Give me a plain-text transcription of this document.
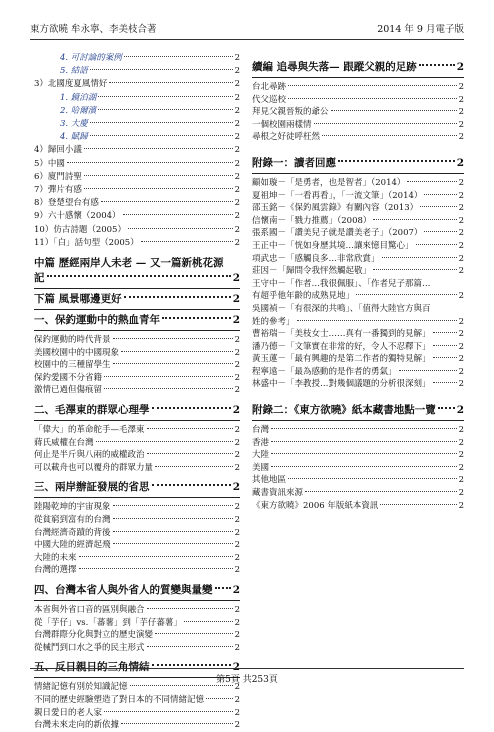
東方欲曉 牟永寧、李美枝合著	2014 年 9 月電子版
4. 可討論的案例	2
5. 結語	2
3）北國度夏風情好	2
1. 鏡泊湖	2
2. 哈爾濱	2
3. 大慶	2
4. 賦歸	2
4）歸回小議	2
5）中國	2
6）廈門詩聖	2
7）彈片有感	2
8）登楚望台有感	2
9）六十感懷（2004）	2
10）仿古詩題（2005）	2
11）「白」話句型（2005）	2
中篇 歷經兩岸人未老 — 又一篇新桃花源
記	2
下篇 風景哪邊更好	2
一、保釣運動中的熱血青年	2
保釣運動的時代背景	2
美國校園中的中國現象	2
校園中的三種留學生	2
保釣愛國不分省籍	2
激情已過但傷痕留	2
二、毛澤東的群眾心理學	2
「偉大」的革命舵手—毛澤東	2
蔣氏威權在台灣	2
何止是半斤與八兩的威權政治	2
可以載舟也可以覆舟的群眾力量	2
三、兩岸辦証發展的省思	2
陸陽乾坤的宇宙現象	2
從貧窮到富有的台灣	2
台灣經濟奇蹟的背後	2
中國大陸的經濟起飛	2
大陸的未來	2
台灣的選擇	2
四、台灣本省人與外省人的質變與量變 2
本省與外省口音的區別與融合	2
從「芋仔」vs.「蕃薯」到「芋仔蕃薯」	2
台灣群際分化與對立的歷史演變	2
從械鬥到口水之爭的民主形式	2
五、反日親日的三角情結	2
情緒記憶有別於知識記憶	2
不同的歷史經驗塑造了對日本的不同情緒記憶	2
親日愛日的老人家	2
台灣未來走向的新依據	2
續編 追尋與失落— 跟蹤父親的足跡	2
台北尋跡	2
代父巡校	2
拜見父親晉叛的爺公	2
一個校園兩樣情	2
尋根之好徒呼枉然	2
附錄一：讀者回應	2
顧如璇－「是勇者，也是智者」（2014）	2
夏祖坤－「一看再看」，「一流文筆」（2014）	2
邵玉銘－《保釣風雲錄》有關內容（2013）	2
信懷南－「戮力推薦」（2008）	2
張系國－「讚美兒子就是讚美老子」（2007）	2
王正中－「恍如身歷其境…讓來憶目驚心」	2
項武忠－「感觸良多…非常欣賞」	2
莊因－「歸問令我怦然觸起敬」	2
王守中－「作者…我很佩服」、「作者兒子那篇…
有超乎他年齡的成熟見地」	2
吳國禎－「有很深的共鳴」、「值得大陸官方與百
姓的參考」	2
曹裕瑞－「美枝女士……真有一番獨到的見解」	2
潘乃德－「文筆實在非常的好，令人不忍釋下」	2
黃玉蓮－「最有興趣的是第二作者的獨特見解」	2
程寧遠－「最為感動的是作者的勇氣」	2
林盛中－「李教授…對幾個議題的分析很深刻」	2
附錄二：《東方欲曉》紙本藏書地點一覽 2
台灣	2
香港	2
大陸	2
美國	2
其他地區	2
藏書資訊來源	2
《東方欲曉》2006 年版紙本資訊	2
第5頁 共253頁
